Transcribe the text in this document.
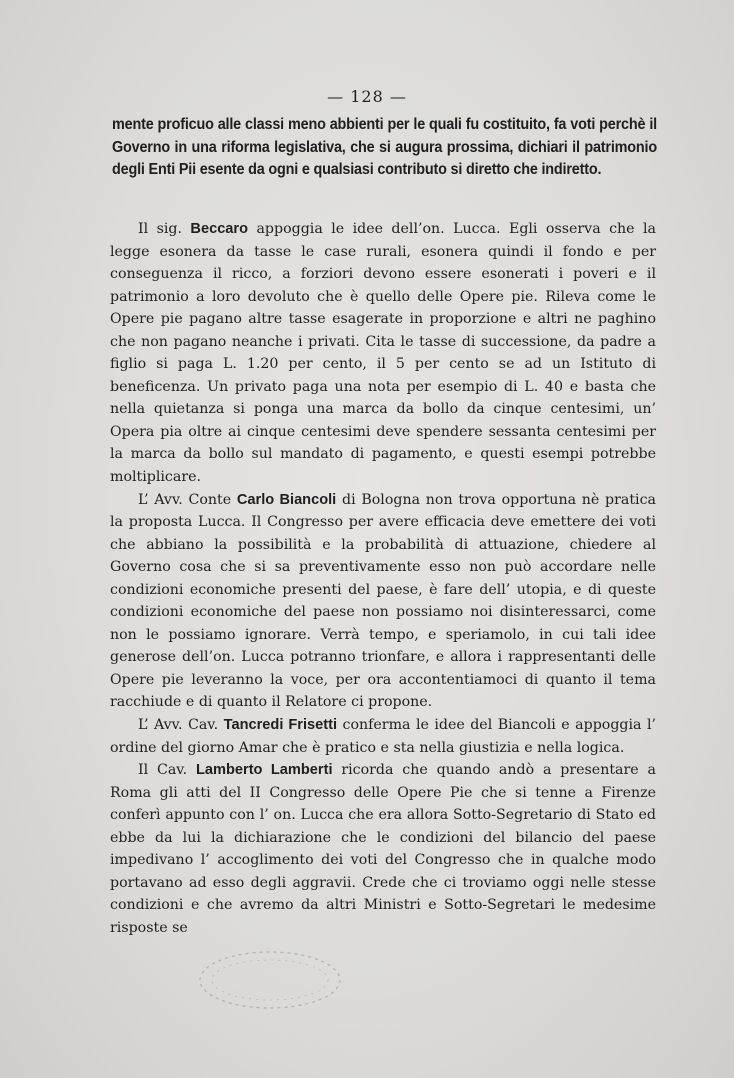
— 128 —
mente proficuo alle classi meno abbienti per le quali fu costituito, fa voti perchè il Governo in una riforma legislativa, che si augura prossima, dichiari il patrimonio degli Enti Pii esente da ogni e qualsiasi contributo si diretto che indiretto.

Il sig. Beccaro appoggia le idee dell’on. Lucca. Egli osserva che la legge esonera da tasse le case rurali, esonera quindi il fondo e per conseguenza il ricco, a forziori devono essere esonerati i poveri e il patrimonio a loro devoluto che è quello delle Opere pie. Rileva come le Opere pie pagano altre tasse esagerate in proporzione e altri ne paghino che non pagano neanche i privati. Cita le tasse di successione, da padre a figlio si paga L. 1.20 per cento, il 5 per cento se ad un Istituto di beneficenza. Un privato paga una nota per esempio di L. 40 e basta che nella quietanza si ponga una marca da bollo da cinque centesimi, un’ Opera pia oltre ai cinque centesimi deve spendere sessanta centesimi per la marca da bollo sul mandato di pagamento, e questi esempi potrebbe moltiplicare.

L’ Avv. Conte Carlo Biancoli di Bologna non trova opportuna nè pratica la proposta Lucca. Il Congresso per avere efficacia deve emettere dei voti che abbiano la possibilità e la probabilità di attuazione, chiedere al Governo cosa che si sa preventivamente esso non può accordare nelle condizioni economiche presenti del paese, è fare dell’ utopia, e di queste condizioni economiche del paese non possiamo noi disinteressarci, come non le possiamo ignorare. Verrà tempo, e speriamolo, in cui tali idee generose dell’on. Lucca potranno trionfare, e allora i rappresentanti delle Opere pie leveranno la voce, per ora accontentiamoci di quanto il tema racchiude e di quanto il Relatore ci propone.

L’ Avv. Cav. Tancredi Frisetti conferma le idee del Biancoli e appoggia l’ ordine del giorno Amar che è pratico e sta nella giustizia e nella logica.

Il Cav. Lamberto Lamberti ricorda che quando andò a presentare a Roma gli atti del II Congresso delle Opere Pie che si tenne a Firenze conferì appunto con l’ on. Lucca che era allora Sotto-Segretario di Stato ed ebbe da lui la dichiarazione che le condizioni del bilancio del paese impedivano l’ accoglimento dei voti del Congresso che in qualche modo portavano ad esso degli aggravii. Crede che ci troviamo oggi nelle stesse condizioni e che avremo da altri Ministri e Sotto-Segretari le medesime risposte se
